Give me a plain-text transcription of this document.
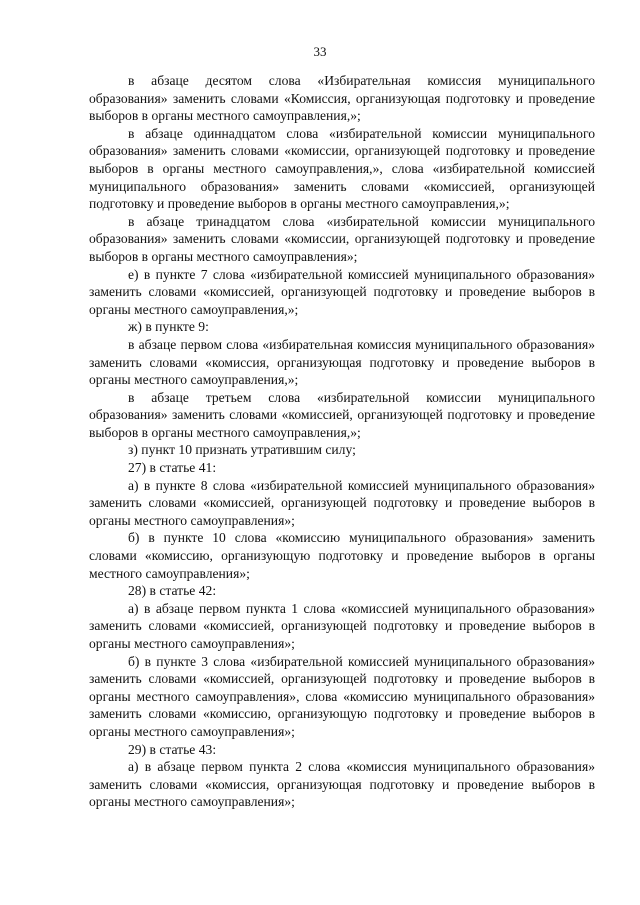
33

в абзаце десятом слова «Избирательная комиссия муниципального образования» заменить словами «Комиссия, организующая подготовку и проведение выборов в органы местного самоуправления,»;

в абзаце одиннадцатом слова «избирательной комиссии муниципального образования» заменить словами «комиссии, организующей подготовку и проведение выборов в органы местного самоуправления,», слова «избирательной комиссией муниципального образования» заменить словами «комиссией, организующей подготовку и проведение выборов в органы местного самоуправления,»;

в абзаце тринадцатом слова «избирательной комиссии муниципального образования» заменить словами «комиссии, организующей подготовку и проведение выборов в органы местного самоуправления»;

е) в пункте 7 слова «избирательной комиссией муниципального образования» заменить словами «комиссией, организующей подготовку и проведение выборов в органы местного самоуправления,»;

ж) в пункте 9:

в абзаце первом слова «избирательная комиссия муниципального образования» заменить словами «комиссия, организующая подготовку и проведение выборов в органы местного самоуправления,»;

в абзаце третьем слова «избирательной комиссии муниципального образования» заменить словами «комиссией, организующей подготовку и проведение выборов в органы местного самоуправления,»;

з) пункт 10 признать утратившим силу;

27) в статье 41:

а) в пункте 8 слова «избирательной комиссией муниципального образования» заменить словами «комиссией, организующей подготовку и проведение выборов в органы местного самоуправления»;

б) в пункте 10 слова «комиссию муниципального образования» заменить словами «комиссию, организующую подготовку и проведение выборов в органы местного самоуправления»;

28) в статье 42:

а) в абзаце первом пункта 1 слова «комиссией муниципального образования» заменить словами «комиссией, организующей подготовку и проведение выборов в органы местного самоуправления»;

б) в пункте 3 слова «избирательной комиссией муниципального образования» заменить словами «комиссией, организующей подготовку и проведение выборов в органы местного самоуправления», слова «комиссию муниципального образования» заменить словами «комиссию, организующую подготовку и проведение выборов в органы местного самоуправления»;

29) в статье 43:

а) в абзаце первом пункта 2 слова «комиссия муниципального образования» заменить словами «комиссия, организующая подготовку и проведение выборов в органы местного самоуправления»;
